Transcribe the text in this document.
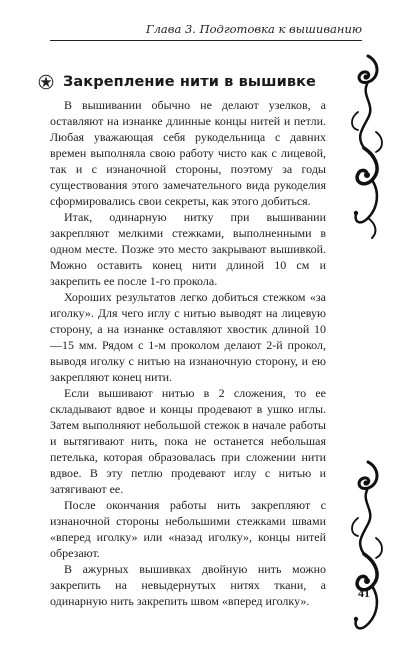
Глава 3. Подготовка к вышиванию
Закрепление нити в вышивке

В вышивании обычно не делают узелков, а оставляют на изнанке длинные концы нитей и петли. Любая уважающая себя рукодельница с давних времен выполняла свою работу чисто как с лицевой, так и с изнаночной стороны, поэтому за годы существования этого замечательного вида рукоделия сформировались свои секреты, как этого добиться.

Итак, одинарную нитку при вышивании закрепляют мелкими стежками, выполненными в одном месте. Позже это место закрывают вышивкой. Можно оставить конец нити длиной 10 см и закрепить ее после 1-го прокола.

Хороших результатов легко добиться стежком «за иголку». Для чего иглу с нитью выводят на лицевую сторону, а на изнанке оставляют хвостик длиной 10—15 мм. Рядом с 1-м проколом делают 2-й прокол, выводя иголку с нитью на изнаночную сторону, и ею закрепляют конец нити.

Если вышивают нитью в 2 сложения, то ее складывают вдвое и концы продевают в ушко иглы. Затем выполняют небольшой стежок в начале работы и вытягивают нить, пока не останется небольшая петелька, которая образовалась при сложении нити вдвое. В эту петлю продевают иглу с нитью и затягивают ее.

После окончания работы нить закрепляют с изнаночной стороны небольшими стежками швами «вперед иголку» или «назад иголку», концы нитей обрезают.

В ажурных вышивках двойную нить можно закрепить на невыдернутых нитях ткани, а одинарную нить закрепить швом «вперед иголку».

41
